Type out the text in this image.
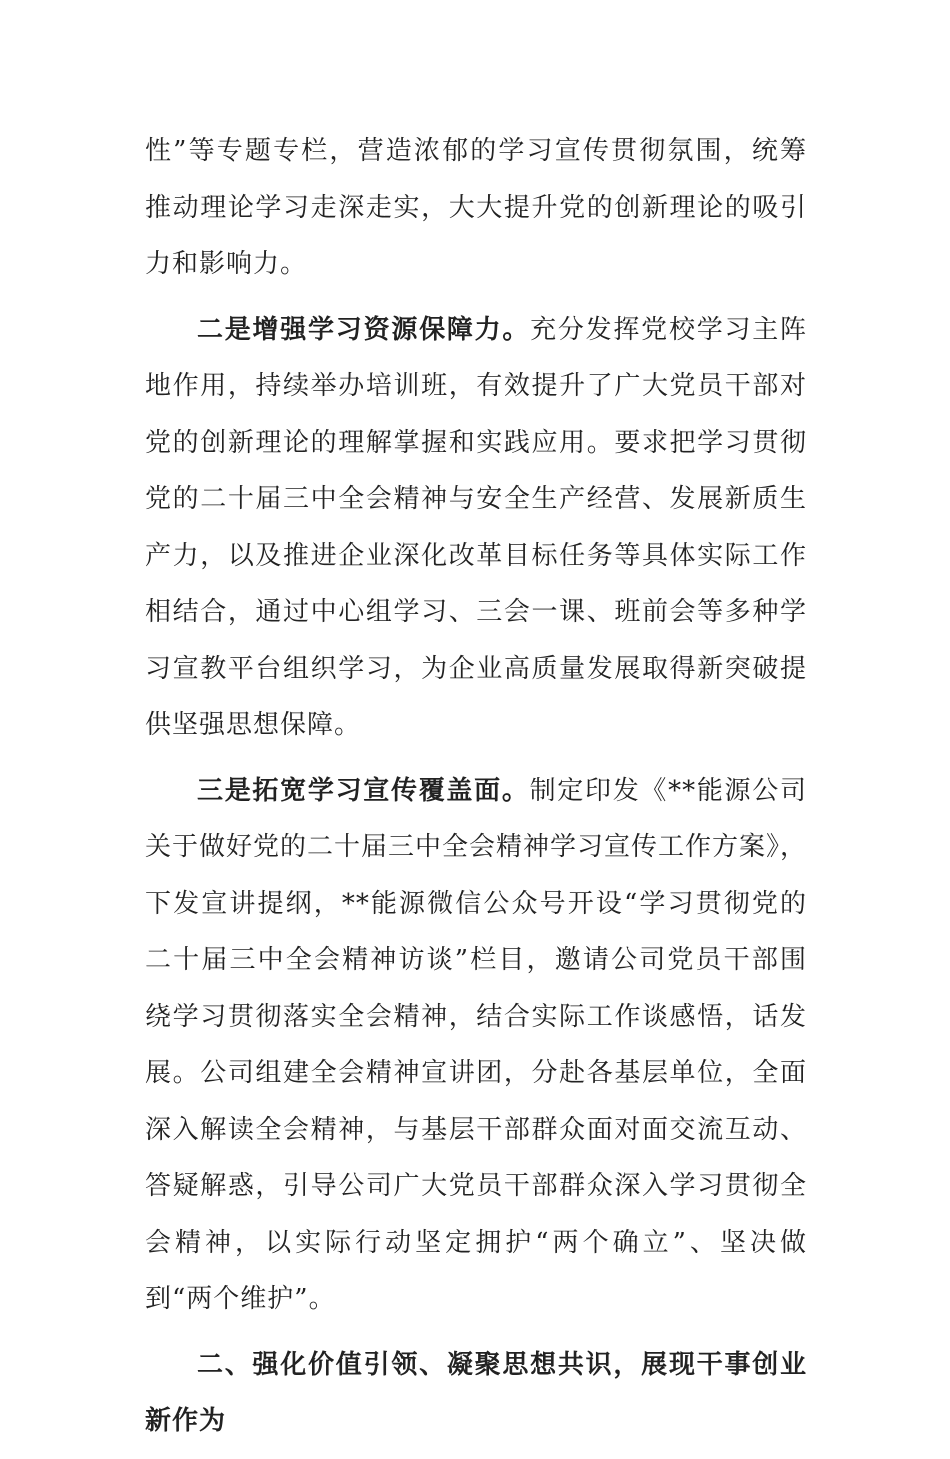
性”等专题专栏，营造浓郁的学习宣传贯彻氛围，统筹推动理论学习走深走实，大大提升党的创新理论的吸引力和影响力。

二是增强学习资源保障力。充分发挥党校学习主阵地作用，持续举办培训班，有效提升了广大党员干部对党的创新理论的理解掌握和实践应用。要求把学习贯彻党的二十届三中全会精神与安全生产经营、发展新质生产力，以及推进企业深化改革目标任务等具体实际工作相结合，通过中心组学习、三会一课、班前会等多种学习宣教平台组织学习，为企业高质量发展取得新突破提供坚强思想保障。

三是拓宽学习宣传覆盖面。制定印发《**能源公司关于做好党的二十届三中全会精神学习宣传工作方案》，下发宣讲提纲，**能源微信公众号开设“学习贯彻党的二十届三中全会精神访谈”栏目，邀请公司党员干部围绕学习贯彻落实全会精神，结合实际工作谈感悟，话发展。公司组建全会精神宣讲团，分赴各基层单位，全面深入解读全会精神，与基层干部群众面对面交流互动、答疑解惑，引导公司广大党员干部群众深入学习贯彻全会精神，以实际行动坚定拥护“两个确立”、坚决做到“两个维护”。

二、强化价值引领、凝聚思想共识，展现干事创业新作为
